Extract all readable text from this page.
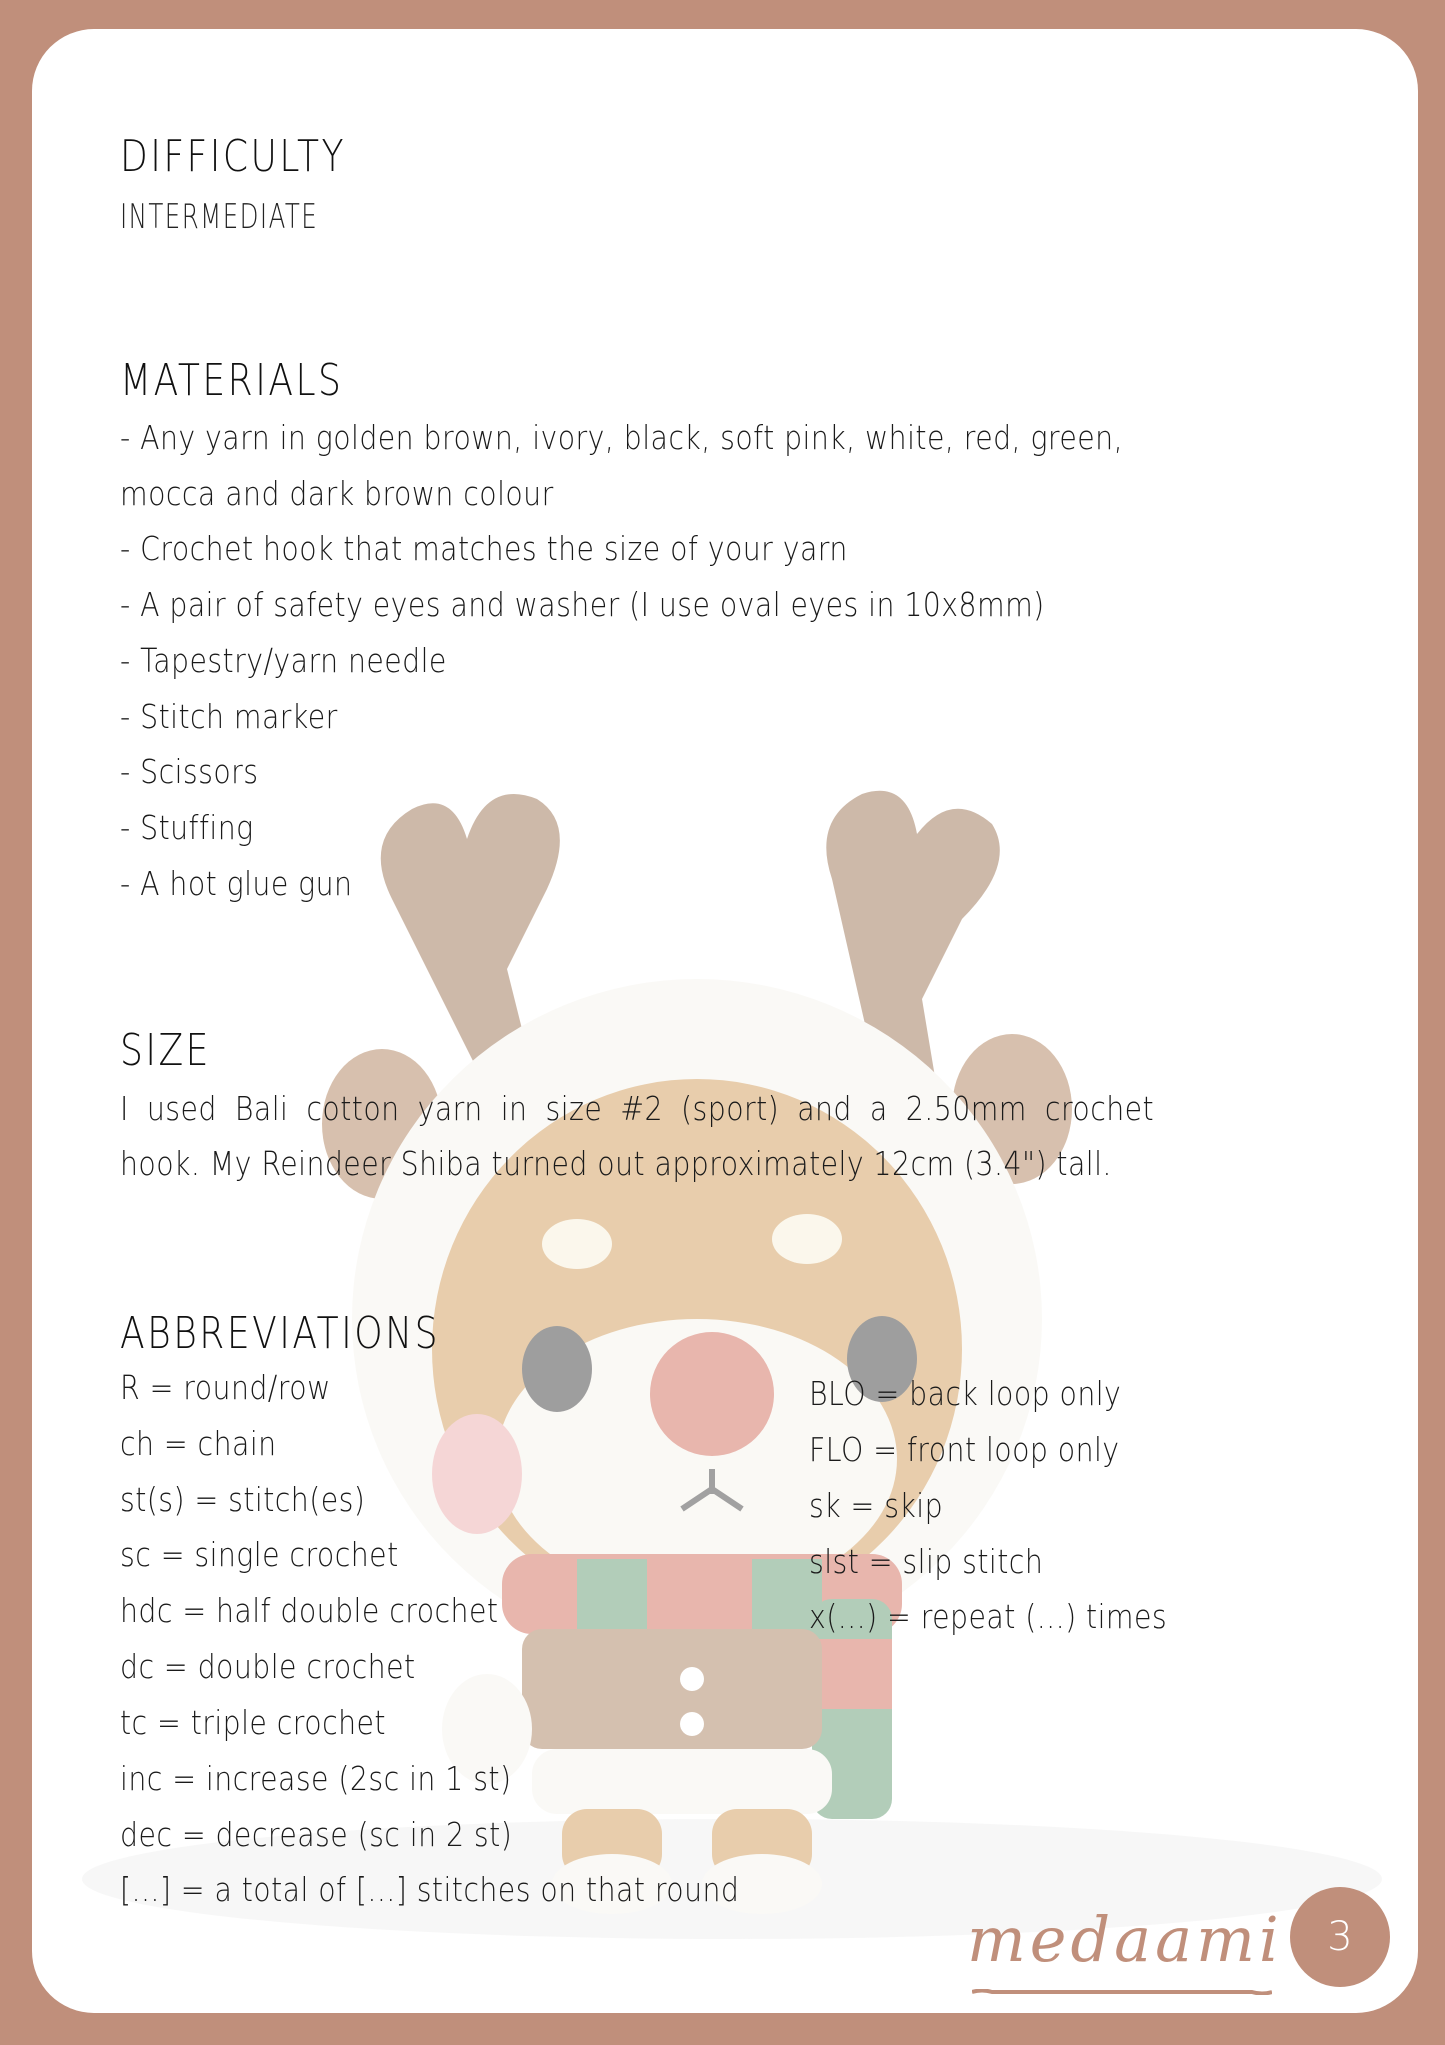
DIFFICULTY
INTERMEDIATE
MATERIALS
- Any yarn in golden brown, ivory, black, soft pink, white, red, green,
mocca and dark brown colour
- Crochet hook that matches the size of your yarn
- A pair of safety eyes and washer (I use oval eyes in 10x8mm)
- Tapestry/yarn needle
- Stitch marker
- Scissors
- Stuffing
- A hot glue gun
SIZE
I used Bali cotton yarn in size #2 (sport) and a 2.50mm crochet
hook. My Reindeer Shiba turned out approximately 12cm (3.4") tall.
ABBREVIATIONS
R = round/row
ch = chain
st(s) = stitch(es)
sc = single crochet
hdc = half double crochet
dc = double crochet
tc = triple crochet
inc = increase (2sc in 1 st)
dec = decrease (sc in 2 st)
[...] = a total of [...] stitches on that round
BLO = back loop only
FLO = front loop only
sk = skip
slst = slip stitch
x(...) = repeat (...) times
medaami 3
